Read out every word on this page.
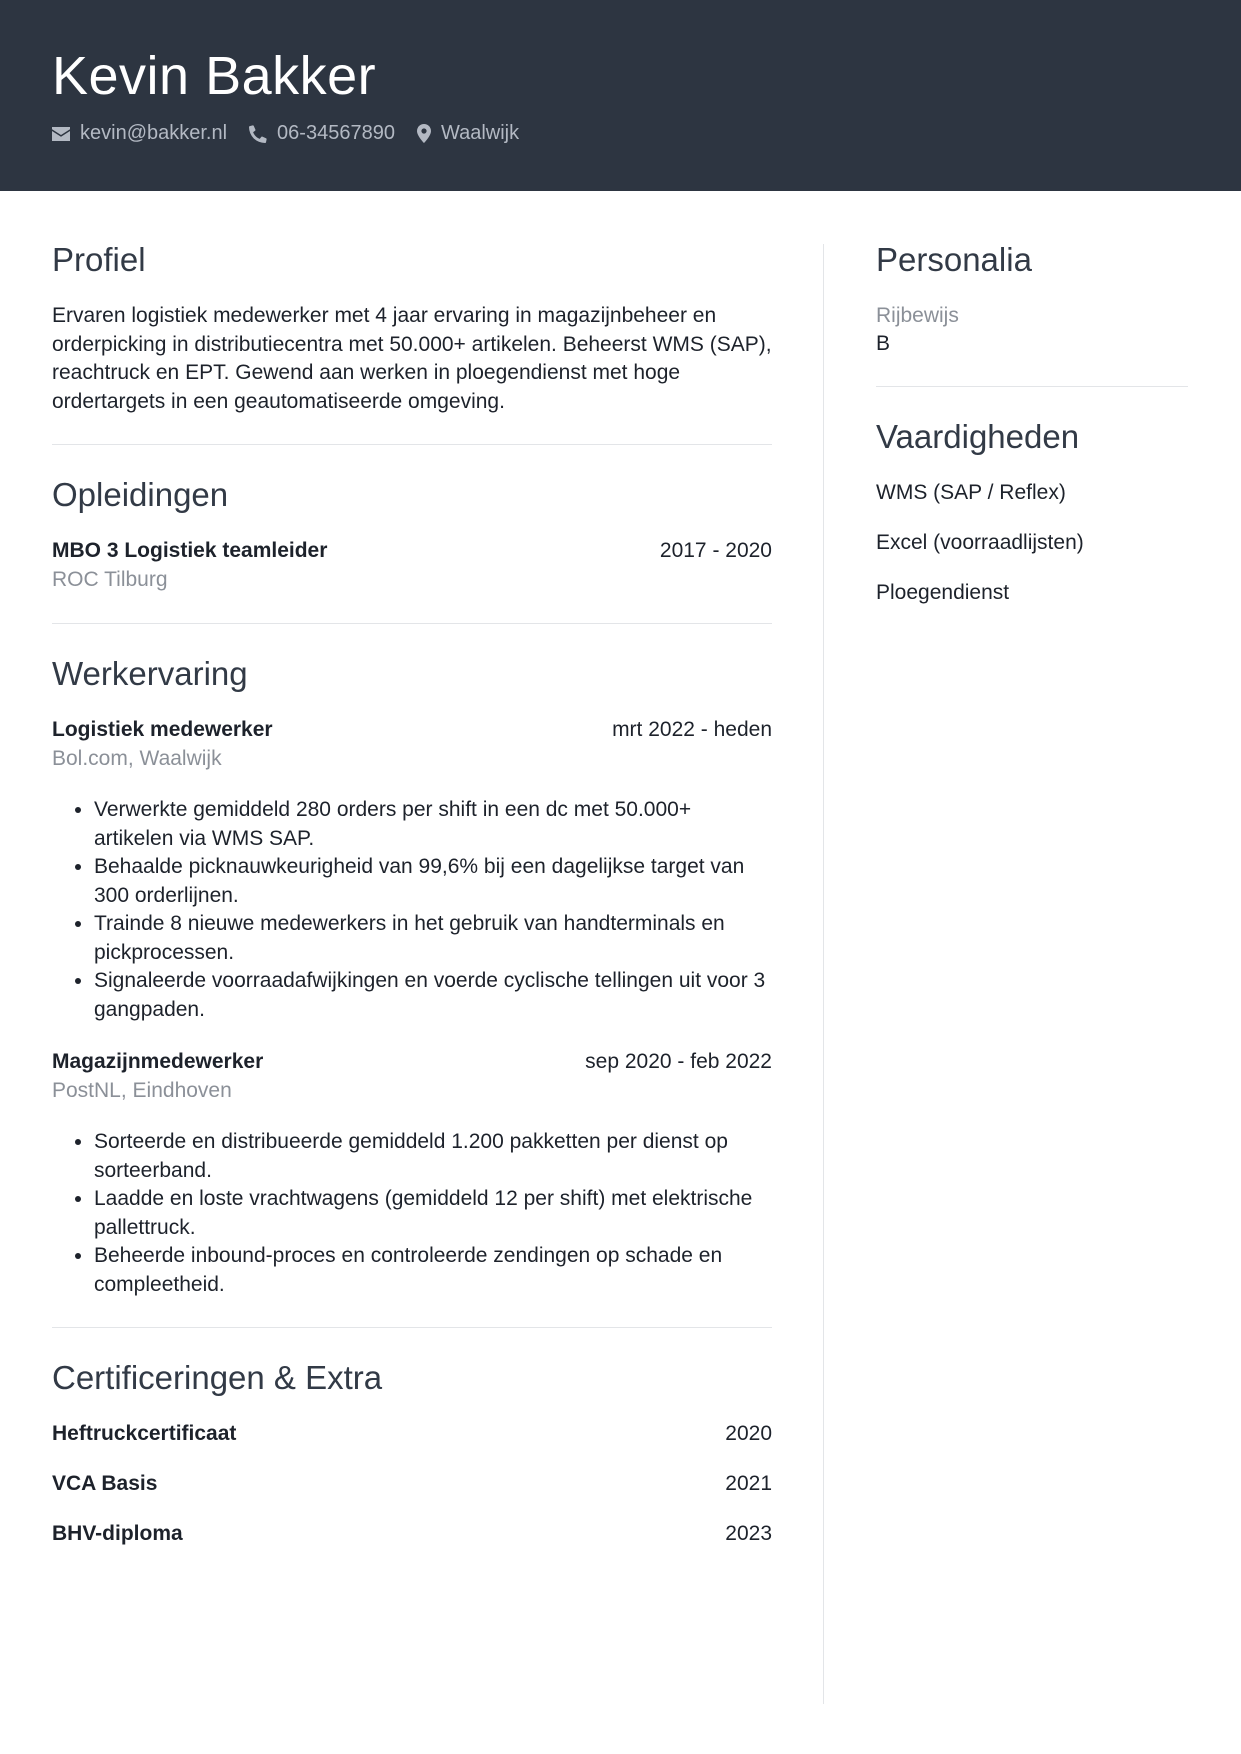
Kevin Bakker
kevin@bakker.nl	06-34567890 Waalwijk
Profiel

Ervaren logistiek medewerker met 4 jaar ervaring in magazijnbeheer en orderpicking in distributiecentra met 50.000+ artikelen. Beheerst WMS (SAP), reachtruck en EPT. Gewend aan werken in ploegendienst met hoge ordertargets in een geautomatiseerde omgeving.

Opleidingen
MBO 3 Logistiek teamleider	2017 - 2020
ROC Tilburg
Werkervaring
Logistiek medewerker	mrt 2022 - heden
Bol.com, Waalwijk
• Verwerkte gemiddeld 280 orders per shift in een dc met 50.000+ artikelen via WMS SAP.
• Behaalde picknauwkeurigheid van 99,6% bij een dagelijkse target van 300 orderlijnen.
• Trainde 8 nieuwe medewerkers in het gebruik van handterminals en pickprocessen.
• Signaleerde voorraadafwijkingen en voerde cyclische tellingen uit voor 3 gangpaden.
Magazijnmedewerker	sep 2020 - feb 2022
PostNL, Eindhoven
• Sorteerde en distribueerde gemiddeld 1.200 pakketten per dienst op sorteerband.
• Laadde en loste vrachtwagens (gemiddeld 12 per shift) met elektrische pallettruck.
• Beheerde inbound-proces en controleerde zendingen op schade en compleetheid.
Certificeringen & Extra
Heftruckcertificaat	2020
VCA Basis	2021
BHV-diploma	2023
Personalia
Rijbewijs
B
Vaardigheden
WMS (SAP / Reflex)
Excel (voorraadlijsten)
Ploegendienst
